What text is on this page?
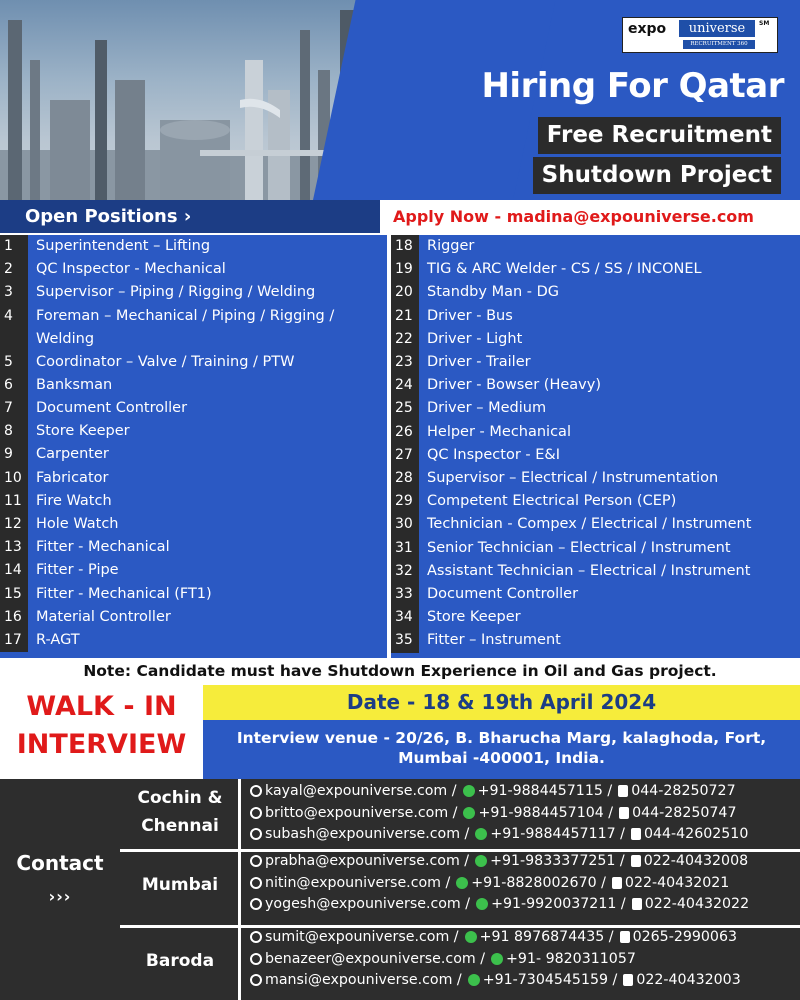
expo	universe	SM
RECRUITMENT 360
Hiring For Qatar
Free Recruitment
Shutdown Project
Open Positions ›	Apply Now - madina@expouniverse.com
1	Superintendent – Lifting
2	QC Inspector - Mechanical
3	Supervisor – Piping / Rigging / Welding
4	Foreman – Mechanical / Piping / Rigging / Welding
5	Coordinator – Valve / Training / PTW
6	Banksman
7	Document Controller
8	Store Keeper
9	Carpenter
10 Fabricator
11 Fire Watch
12 Hole Watch
13 Fitter - Mechanical
14 Fitter - Pipe
15 Fitter - Mechanical (FT1)
16 Material Controller
17 R-AGT
18 Rigger
19 TIG & ARC Welder - CS / SS / INCONEL
20 Standby Man - DG
21 Driver - Bus
22 Driver - Light
23 Driver - Trailer
24 Driver - Bowser (Heavy)
25 Driver – Medium
26 Helper - Mechanical
27 QC Inspector - E&I
28 Supervisor – Electrical / Instrumentation
29 Competent Electrical Person (CEP)
30 Technician - Compex / Electrical / Instrument
31 Senior Technician – Electrical / Instrument
32 Assistant Technician – Electrical / Instrument
33 Document Controller
34 Store Keeper
35 Fitter – Instrument
Note: Candidate must have Shutdown Experience in Oil and Gas project.
WALK - IN
INTERVIEW
Date - 18 & 19th April 2024
Interview venue - 20/26, B. Bharucha Marg, kalaghoda, Fort,
Mumbai -400001, India.
Contact
›››
Cochin &
Chennai
kayal@expouniverse.com / +91-9884457115 / 044-28250727
britto@expouniverse.com / +91-9884457104 / 044-28250747
subash@expouniverse.com / +91-9884457117 / 044-42602510
Mumbai
prabha@expouniverse.com / +91-9833377251 / 022-40432008
nitin@expouniverse.com / +91-8828002670 / 022-40432021
yogesh@expouniverse.com / +91-9920037211 / 022-40432022
Baroda
sumit@expouniverse.com / +91 8976874435 / 0265-2990063
benazeer@expouniverse.com / +91- 9820311057
mansi@expouniverse.com / +91-7304545159 / 022-40432003
